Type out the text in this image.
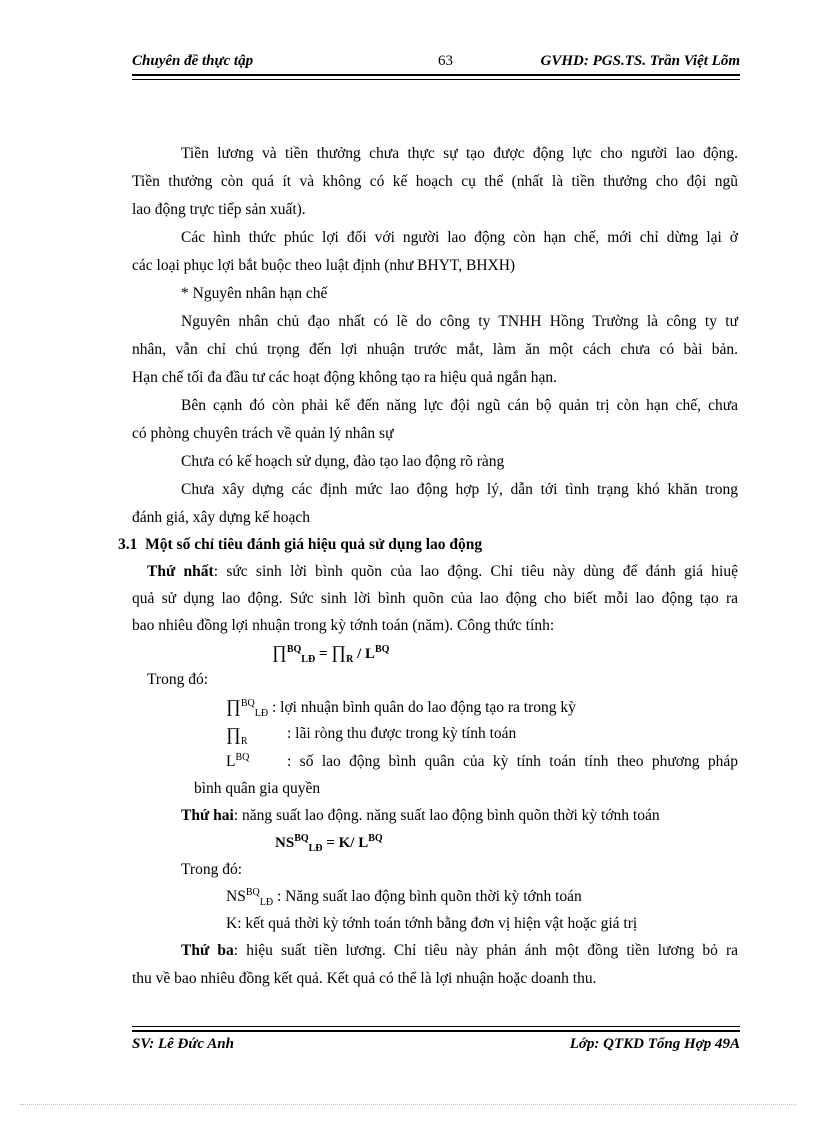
Chuyên đề thực tập	63	GVHD: PGS.TS. Trần Việt Lõm
Tiền lương và tiền thưởng chưa thực sự tạo được động lực cho người lao động.
Tiền thưởng còn quá ít và không có kế hoạch cụ thể (nhất là tiền thưởng cho đội ngũ
lao động trực tiếp sản xuất).
Các hình thức phúc lợi đối với người lao động còn hạn chế, mới chỉ dừng lại ở
các loại phục lợi bắt buộc theo luật định (như BHYT, BHXH)
* Nguyên nhân hạn chế
Nguyên nhân chủ đạo nhất có lẽ do công ty TNHH Hồng Trường là công ty tư
nhân, vẫn chỉ chú trọng đến lợi nhuận trước mắt, làm ăn một cách chưa có bài bản.
Hạn chế tối đa đầu tư các hoạt động không tạo ra hiệu quả ngắn hạn.
Bên cạnh đó còn phải kể đến năng lực đội ngũ cán bộ quản trị còn hạn chế, chưa
có phòng chuyên trách về quản lý nhân sự
Chưa có kế hoạch sử dụng, đào tạo lao động rõ ràng
Chưa xây dựng các định mức lao động hợp lý, dẫn tới tình trạng khó khăn trong
đánh giá, xây dựng kế hoạch
3.1  Một số chỉ tiêu đánh giá hiệu quả sử dụng lao động
Thứ nhất: sức sinh lời bình quõn của lao động. Chỉ tiêu này dùng để đánh giá hiuệ
quả sử dụng lao động. Sức sinh lời bình quõn của lao động cho biết mỗi lao động tạo ra
bao nhiêu đồng lợi nhuận trong kỳ tớnh toán (năm). Công thức tính:
∏$^{BQ}_{LĐ}$ = $\prod_R / L^{BQ}$
Trong đó:
∏$^{BQ}_{LĐ}$ : lợi nhuận bình quân do lao động tạo ra trong kỳ
$\prod_R$	: lãi ròng thu được trong kỳ tính toán
$L^{BQ}$ : số lao động bình quân của kỳ tính toán tính theo phương pháp
bình quân gia quyền
Thứ hai: năng suất lao động. năng suất lao động bình quõn thời kỳ tớnh toán
$NS^{BQ}_{LĐ} = K/$ $L^{BQ}$
Trong đó:
$NS^{BQ}_{LĐ}$ : Năng suất lao động bình quõn thời kỳ tớnh toán
K: kết quả thời kỳ tớnh toán tớnh bằng đơn vị hiện vật hoặc giá trị
Thứ ba: hiệu suất tiền lương. Chỉ tiêu này phản ánh một đồng tiền lương bỏ ra
thu về bao nhiêu đồng kết quả. Kết quả có thể là lợi nhuận hoặc doanh thu.
SV: Lê Đức Anh	Lớp: QTKD Tổng Hợp 49A
